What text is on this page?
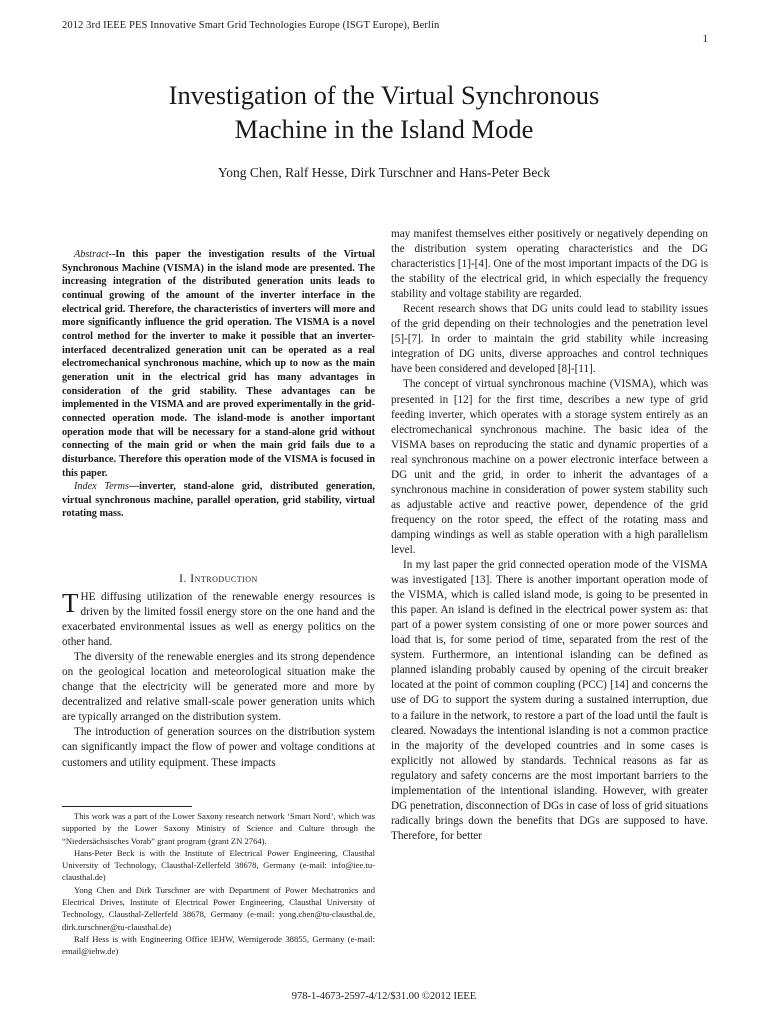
2012 3rd IEEE PES Innovative Smart Grid Technologies Europe (ISGT Europe), Berlin
1
Investigation of the Virtual Synchronous
Machine in the Island Mode
Yong Chen, Ralf Hesse, Dirk Turschner and Hans-Peter Beck

Abstract--In this paper the investigation results of the Virtual Synchronous Machine (VISMA) in the island mode are presented. The increasing integration of the distributed generation units leads to continual growing of the amount of the inverter interface in the electrical grid. Therefore, the characteristics of inverters will more and more significantly influence the grid operation. The VISMA is a novel control method for the inverter to make it possible that an inverter-interfaced decentralized generation unit can be operated as a real electromechanical synchronous machine, which up to now as the main generation unit in the electrical grid has many advantages in consideration of the grid stability. These advantages can be implemented in the VISMA and are proved experimentally in the grid-connected operation mode. The island-mode is another important operation mode that will be necessary for a stand-alone grid without connecting of the main grid or when the main grid fails due to a disturbance. Therefore this operation mode of the VISMA is focused in this paper.

Index Terms—inverter, stand-alone grid, distributed generation, virtual synchronous machine, parallel operation, grid stability, virtual rotating mass.

I. Introduction

THE diffusing utilization of the renewable energy resources is driven by the limited fossil energy store on the one hand and the exacerbated environmental issues as well as energy politics on the other hand.

The diversity of the renewable energies and its strong dependence on the geological location and meteorological situation make the change that the electricity will be generated more and more by decentralized and relative small-scale power generation units which are typically arranged on the distribution system.

The introduction of generation sources on the distribution system can significantly impact the flow of power and voltage conditions at customers and utility equipment. These impacts

This work was a part of the Lower Saxony research network ‘Smart Nord’, which was supported by the Lower Saxony Ministry of Science and Culture through the “Niedersächsisches Vorab” grant program (grant ZN 2764).

Hans-Peter Beck is with the Institute of Electrical Power Engineering, Clausthal University of Technology, Clausthal-Zellerfeld 38678, Germany (e-mail: info@iee.tu-clausthal.de)

Yong Chen and Dirk Turschner are with Department of Power Mechatronics and Electrical Drives, Institute of Electrical Power Engineering, Clausthal University of Technology, Clausthal-Zellerfeld 38678, Germany (e-mail: yong.chen@tu-clausthal.de, dirk.turschner@tu-clausthal.de)

Ralf Hess is with Engineering Office IEHW, Wernigerode 38855, Germany (e-mail: email@iehw.de)

may manifest themselves either positively or negatively depending on the distribution system operating characteristics and the DG characteristics [1]-[4]. One of the most important impacts of the DG is the stability of the electrical grid, in which especially the frequency stability and voltage stability are regarded.

Recent research shows that DG units could lead to stability issues of the grid depending on their technologies and the penetration level [5]-[7]. In order to maintain the grid stability while increasing integration of DG units, diverse approaches and control techniques have been considered and developed [8]-[11].

The concept of virtual synchronous machine (VISMA), which was presented in [12] for the first time, describes a new type of grid feeding inverter, which operates with a storage system entirely as an electromechanical synchronous machine. The basic idea of the VISMA bases on reproducing the static and dynamic properties of a real synchronous machine on a power electronic interface between a DG unit and the grid, in order to inherit the advantages of a synchronous machine in consideration of power system stability such as adjustable active and reactive power, dependence of the grid frequency on the rotor speed, the effect of the rotating mass and damping windings as well as stable operation with a high parallelism level.

In my last paper the grid connected operation mode of the VISMA was investigated [13]. There is another important operation mode of the VISMA, which is called island mode, is going to be presented in this paper. An island is defined in the electrical power system as: that part of a power system consisting of one or more power sources and load that is, for some period of time, separated from the rest of the system. Furthermore, an intentional islanding can be defined as planned islanding probably caused by opening of the circuit breaker located at the point of common coupling (PCC) [14] and concerns the use of DG to support the system during a sustained interruption, due to a failure in the network, to restore a part of the load until the fault is cleared. Nowadays the intentional islanding is not a common practice in the majority of the developed countries and in some cases is explicitly not allowed by standards. Technical reasons as far as regulatory and safety concerns are the most important barriers to the implementation of the intentional islanding. However, with greater DG penetration, disconnection of DGs in case of loss of grid situations radically brings down the benefits that DGs are supposed to have. Therefore, for better

978-1-4673-2597-4/12/$31.00 ©2012 IEEE
